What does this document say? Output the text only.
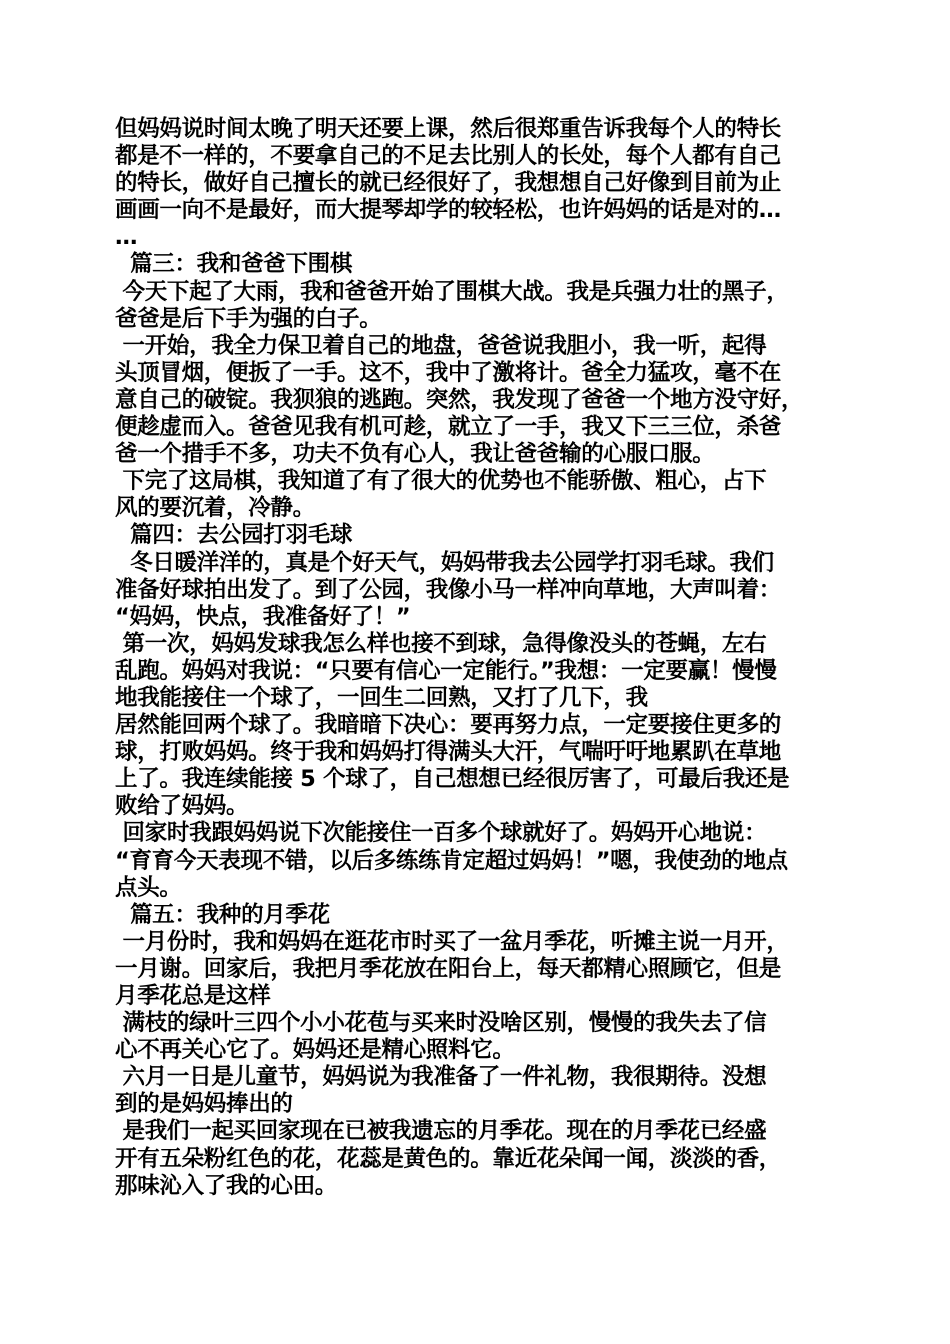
但妈妈说时间太晚了明天还要上课，然后很郑重告诉我每个人的特长
都是不一样的，不要拿自己的不足去比别人的长处，每个人都有自己
的特长，做好自己擅长的就已经很好了，我想想自己好像到目前为止
画画一向不是最好，而大提琴却学的较轻松，也许妈妈的话是对的…
…
篇三：我和爸爸下围棋
今天下起了大雨，我和爸爸开始了围棋大战。我是兵强力壮的黑子，
爸爸是后下手为强的白子。
一开始，我全力保卫着自己的地盘，爸爸说我胆小，我一听，起得
头顶冒烟，便扳了一手。这不，我中了激将计。爸全力猛攻，毫不在
意自己的破锭。我狈狼的逃跑。突然，我发现了爸爸一个地方没守好，
便趁虚而入。爸爸见我有机可趁，就立了一手，我又下三三位，杀爸
爸一个措手不多，功夫不负有心人，我让爸爸输的心服口服。
下完了这局棋，我知道了有了很大的优势也不能骄傲、粗心，占下
风的要沉着，冷静。
篇四：去公园打羽毛球
冬日暖洋洋的，真是个好天气，妈妈带我去公园学打羽毛球。我们
准备好球拍出发了。到了公园，我像小马一样冲向草地，大声叫着：
“妈妈，快点，我准备好了！”
第一次，妈妈发球我怎么样也接不到球，急得像没头的苍蝇，左右
乱跑。妈妈对我说：“只要有信心一定能行。”我想：一定要赢！慢慢
地我能接住一个球了，一回生二回熟，又打了几下，我
居然能回两个球了。我暗暗下决心：要再努力点，一定要接住更多的
球，打败妈妈。终于我和妈妈打得满头大汗，气喘吁吁地累趴在草地
上了。我连续能接 5 个球了，自己想想已经很厉害了，可最后我还是
败给了妈妈。
回家时我跟妈妈说下次能接住一百多个球就好了。妈妈开心地说：
“育育今天表现不错，以后多练练肯定超过妈妈！”嗯，我使劲的地点
点头。
篇五：我种的月季花
一月份时，我和妈妈在逛花市时买了一盆月季花，听摊主说一月开，
一月谢。回家后，我把月季花放在阳台上，每天都精心照顾它，但是
月季花总是这样
满枝的绿叶三四个小小花苞与买来时没啥区别，慢慢的我失去了信
心不再关心它了。妈妈还是精心照料它。
六月一日是儿童节，妈妈说为我准备了一件礼物，我很期待。没想
到的是妈妈捧出的
是我们一起买回家现在已被我遗忘的月季花。现在的月季花已经盛
开有五朵粉红色的花，花蕊是黄色的。靠近花朵闻一闻，淡淡的香，
那味沁入了我的心田。
